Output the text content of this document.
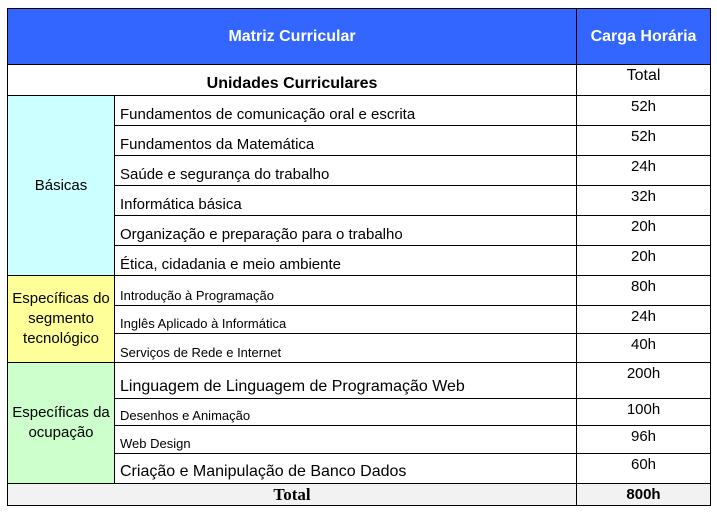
Matriz Curricular		Carga Horária
Unidades Curriculares		Total
Básicas	Fundamentos de comunicação oral e escrita	52h
	Fundamentos da Matemática	52h
	Saúde e segurança do trabalho	24h
	Informática básica	32h
	Organização e preparação para o trabalho	20h
	Ética, cidadania e meio ambiente	20h
Específicas do segmento tecnológico	Introdução à Programação	80h
	Inglês Aplicado à Informática	24h
	Serviços de Rede e Internet	40h
Específicas da ocupação	Linguagem de Linguagem de Programação Web	200h
	Desenhos e Animação	100h
	Web Design	96h
	Criação e Manipulação de Banco Dados	60h
Total		800h
